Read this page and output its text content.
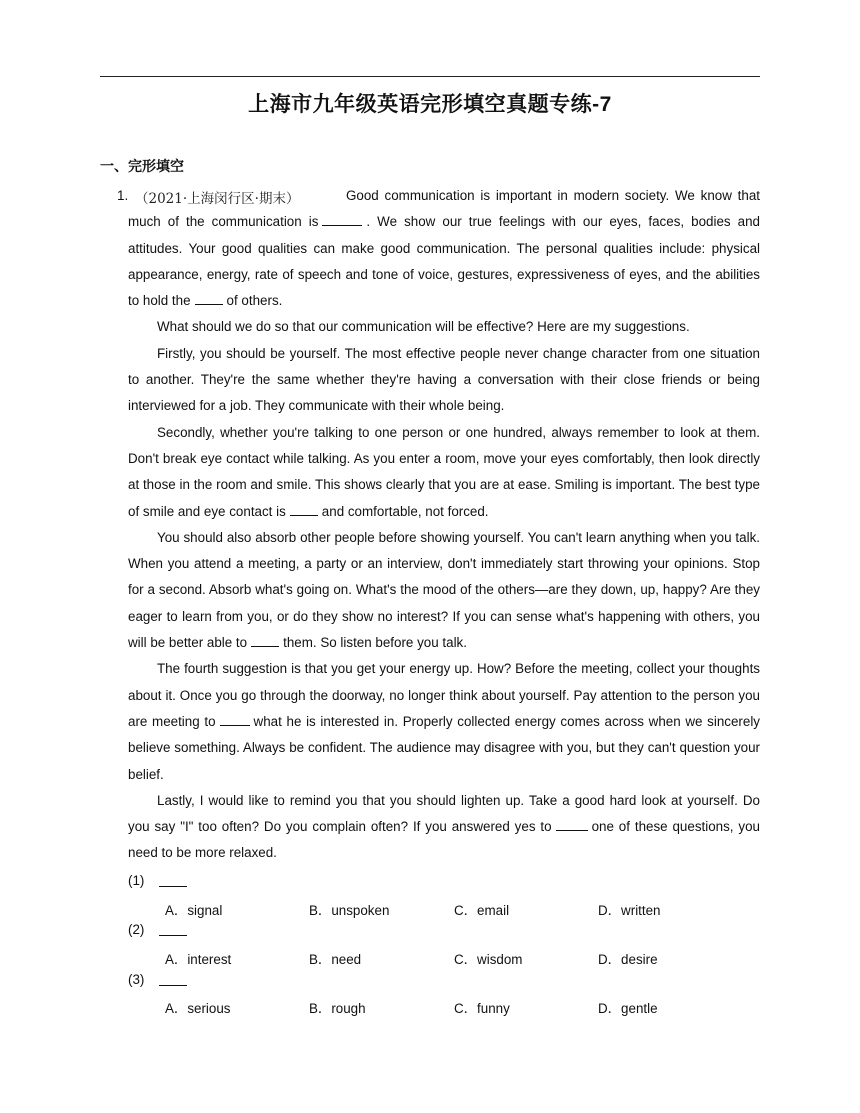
上海市九年级英语完形填空真题专练-7
一、完形填空
1. （2021·上海闵行区·期末）	Good communication is important in modern society. We know that much of the communication is	. We show our true feelings with our eyes, faces, bodies and attitudes. Your good qualities can make good communication. The personal qualities include: physical appearance, energy, rate of speech and tone of voice, gestures, expressiveness of eyes, and the abilities to hold the	of others.

What should we do so that our communication will be effective? Here are my suggestions.

Firstly, you should be yourself. The most effective people never change character from one situation to another. They're the same whether they're having a conversation with their close friends or being interviewed for a job. They communicate with their whole being.

Secondly, whether you're talking to one person or one hundred, always remember to look at them. Don't break eye contact while talking. As you enter a room, move your eyes comfortably, then look directly at those in the room and smile. This shows clearly that you are at ease. Smiling is important. The best type of smile and eye contact is	and comfortable, not forced.

You should also absorb other people before showing yourself. You can't learn anything when you talk. When you attend a meeting, a party or an interview, don't immediately start throwing your opinions. Stop for a second. Absorb what's going on. What's the mood of the others—are they down, up, happy? Are they eager to learn from you, or do they show no interest? If you can sense what's happening with others, you will be better able to	them. So listen before you talk.

The fourth suggestion is that you get your energy up. How? Before the meeting, collect your thoughts about it. Once you go through the doorway, no longer think about yourself. Pay attention to the person you are meeting to	what he is interested in. Properly collected energy comes across when we sincerely believe something. Always be confident. The audience may disagree with you, but they can't question your belief.

Lastly, I would like to remind you that you should lighten up. Take a good hard look at yourself. Do you say "I" too often? Do you complain often? If you answered yes to	one of these questions, you need to be more relaxed.

(1)
A．signal	B．unspoken	C．email	D．written
(2)
A．interest	B．need	C．wisdom	D．desire
(3)
A．serious	B．rough	C．funny	D．gentle
